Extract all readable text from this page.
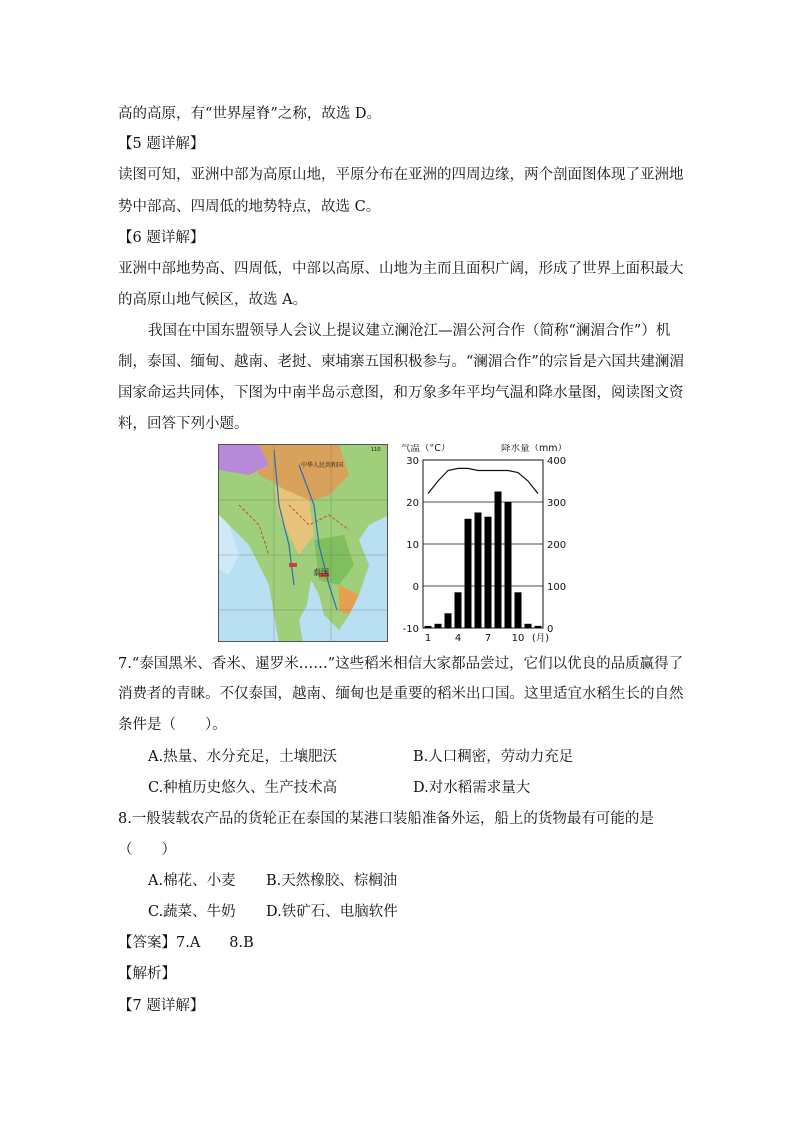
高的高原，有“世界屋脊”之称，故选 D。
【5 题详解】
读图可知，亚洲中部为高原山地，平原分布在亚洲的四周边缘，两个剖面图体现了亚洲地
势中部高、四周低的地势特点，故选 C。
【6 题详解】
亚洲中部地势高、四周低，中部以高原、山地为主而且面积广阔，形成了世界上面积最大
的高原山地气候区，故选 A。
我国在中国东盟领导人会议上提议建立澜沧江—湄公河合作（简称“澜湄合作”）机
制，泰国、缅甸、越南、老挝、柬埔寨五国积极参与。“澜湄合作”的宗旨是六国共建澜湄
国家命运共同体，下图为中南半岛示意图，和万象多年平均气温和降水量图，阅读图文资
料，回答下列小题。
中华人民共和国
泰国
110 气温（°C）	降水量（mm）
30	400
20	300
10	200
0	100
-10	0
1 4 7 10 (月)
7.“泰国黑米、香米、暹罗米……”这些稻米相信大家都品尝过，它们以优良的品质赢得了
消费者的青睐。不仅泰国，越南、缅甸也是重要的稻米出口国。这里适宜水稻生长的自然
条件是（　　）。
A.热量、水分充足，土壤肥沃	B.人口稠密，劳动力充足
C.种植历史悠久、生产技术高	D.对水稻需求量大
8.一般装载农产品的货轮正在泰国的某港口装船准备外运，船上的货物最有可能的是
（　　）
A.棉花、小麦 B.天然橡胶、棕榈油
C.蔬菜、牛奶 D.铁矿石、电脑软件
【答案】7.A　　8.B
【解析】
【7 题详解】
